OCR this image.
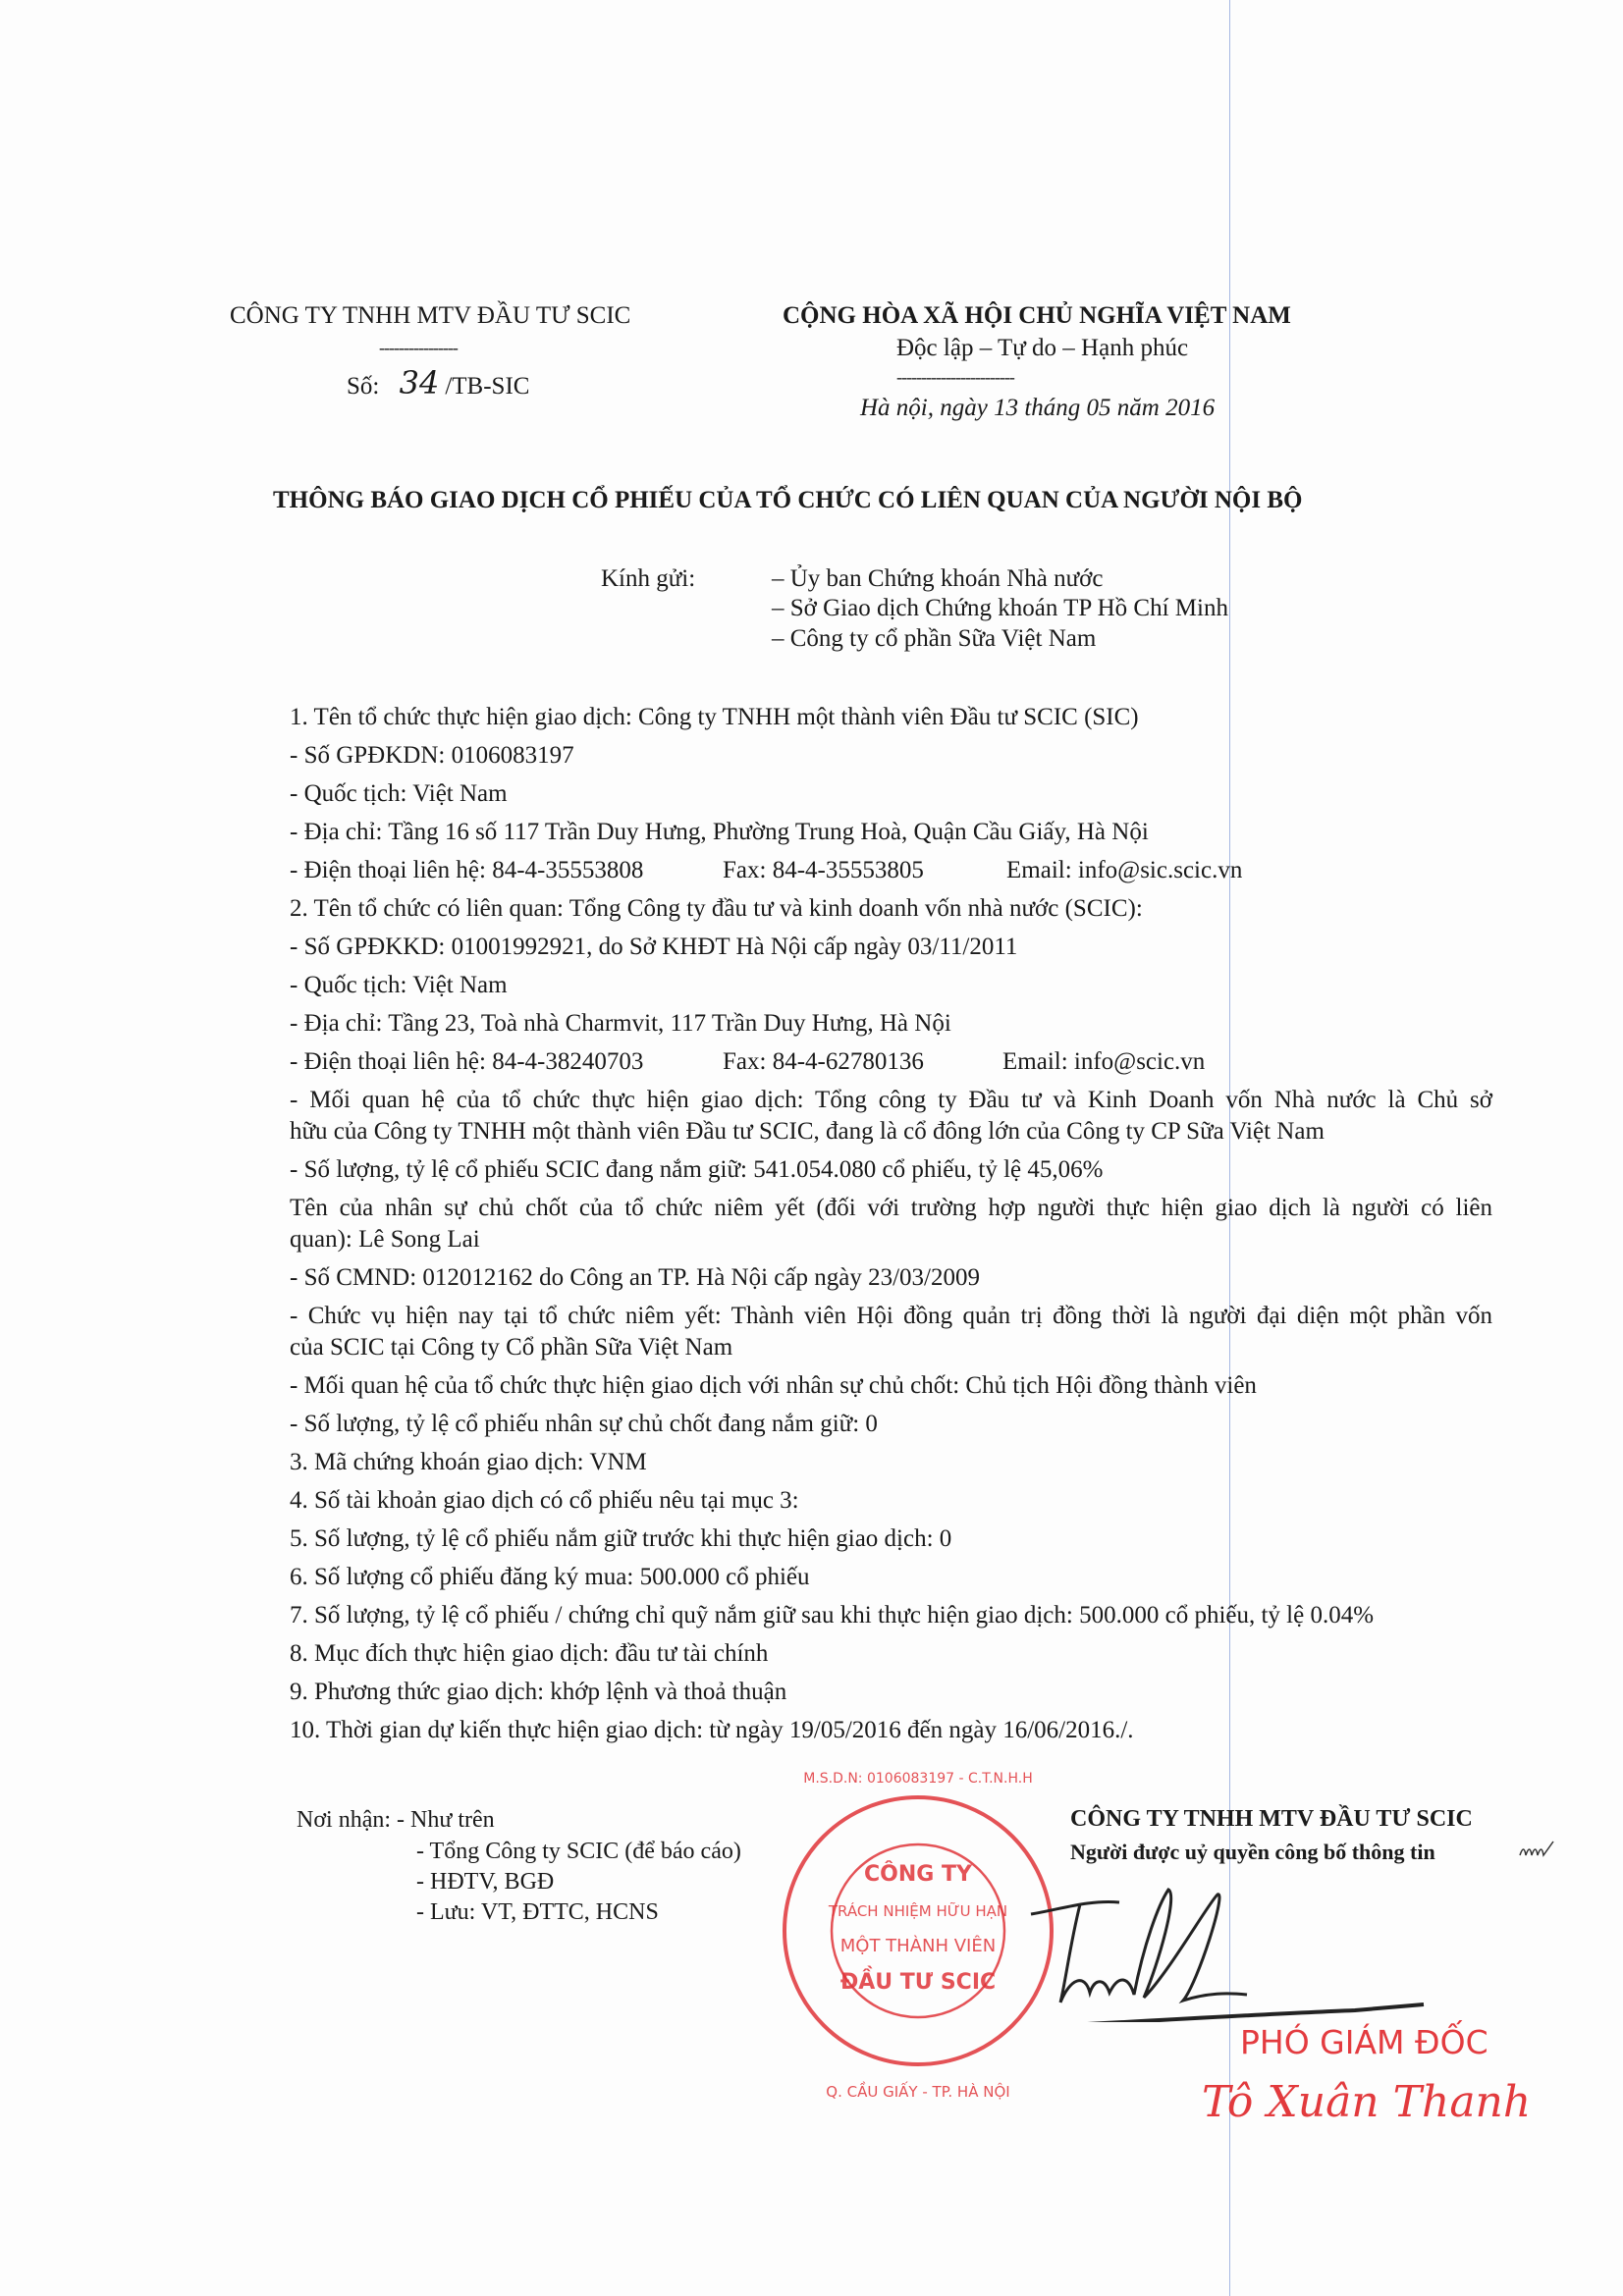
CÔNG TY TNHH MTV ĐẦU TƯ SCIC
----------------
Số: 34 /TB-SIC
CỘNG HÒA XÃ HỘI CHỦ NGHĨA VIỆT NAM
Độc lập – Tự do – Hạnh phúc
------------------------
Hà nội, ngày 13 tháng 05 năm 2016
THÔNG BÁO GIAO DỊCH CỔ PHIẾU CỦA TỔ CHỨC CÓ LIÊN QUAN CỦA NGƯỜI NỘI BỘ
Kính gửi:	– Ủy ban Chứng khoán Nhà nước
– Sở Giao dịch Chứng khoán TP Hồ Chí Minh
– Công ty cổ phần Sữa Việt Nam
1. Tên tổ chức thực hiện giao dịch: Công ty TNHH một thành viên Đầu tư SCIC (SIC)
- Số GPĐKDN: 0106083197
- Quốc tịch: Việt Nam
- Địa chỉ: Tầng 16 số 117 Trần Duy Hưng, Phường Trung Hoà, Quận Cầu Giấy, Hà Nội
- Điện thoại liên hệ: 84-4-35553808	Fax: 84-4-35553805	Email: info@sic.scic.vn
2. Tên tổ chức có liên quan: Tổng Công ty đầu tư và kinh doanh vốn nhà nước (SCIC):
- Số GPĐKKD: 01001992921, do Sở KHĐT Hà Nội cấp ngày 03/11/2011
- Quốc tịch: Việt Nam
- Địa chỉ: Tầng 23, Toà nhà Charmvit, 117 Trần Duy Hưng, Hà Nội
- Điện thoại liên hệ: 84-4-38240703	Fax: 84-4-62780136	Email: info@scic.vn
- Mối quan hệ của tổ chức thực hiện giao dịch: Tổng công ty Đầu tư và Kinh Doanh vốn Nhà nước là Chủ sở
hữu của Công ty TNHH một thành viên Đầu tư SCIC, đang là cổ đông lớn của Công ty CP Sữa Việt Nam
- Số lượng, tỷ lệ cổ phiếu SCIC đang nắm giữ: 541.054.080 cổ phiếu, tỷ lệ 45,06%
Tên của nhân sự chủ chốt của tổ chức niêm yết (đối với trường hợp người thực hiện giao dịch là người có liên
quan): Lê Song Lai
- Số CMND: 012012162 do Công an TP. Hà Nội cấp ngày 23/03/2009
- Chức vụ hiện nay tại tổ chức niêm yết: Thành viên Hội đồng quản trị đồng thời là người đại diện một phần vốn
của SCIC tại Công ty Cổ phần Sữa Việt Nam
- Mối quan hệ của tổ chức thực hiện giao dịch với nhân sự chủ chốt: Chủ tịch Hội đồng thành viên
- Số lượng, tỷ lệ cổ phiếu nhân sự chủ chốt đang nắm giữ: 0
3. Mã chứng khoán giao dịch: VNM
4. Số tài khoản giao dịch có cổ phiếu nêu tại mục 3:
5. Số lượng, tỷ lệ cổ phiếu nắm giữ trước khi thực hiện giao dịch: 0
6. Số lượng cổ phiếu đăng ký mua: 500.000 cổ phiếu
7. Số lượng, tỷ lệ cổ phiếu / chứng chỉ quỹ nắm giữ sau khi thực hiện giao dịch: 500.000 cổ phiếu, tỷ lệ 0.04%
8. Mục đích thực hiện giao dịch: đầu tư tài chính
9. Phương thức giao dịch: khớp lệnh và thoả thuận
10. Thời gian dự kiến thực hiện giao dịch: từ ngày 19/05/2016 đến ngày 16/06/2016./.
Nơi nhận: - Như trên
- Tổng Công ty SCIC (để báo cáo)
- HĐTV, BGĐ
- Lưu: VT, ĐTTC, HCNS
M.S.D.N: 0106083197 - C.T.N.H.H
Q. CẦU GIẤY - TP. HÀ NỘI
CÔNG TY
TRÁCH NHIỆM HỮU HẠN
MỘT THÀNH VIÊN
ĐẦU TƯ SCIC
CÔNG TY TNHH MTV ĐẦU TƯ SCIC
Người được uỷ quyền công bố thông tin
PHÓ GIÁM ĐỐC
Tô Xuân Thanh
